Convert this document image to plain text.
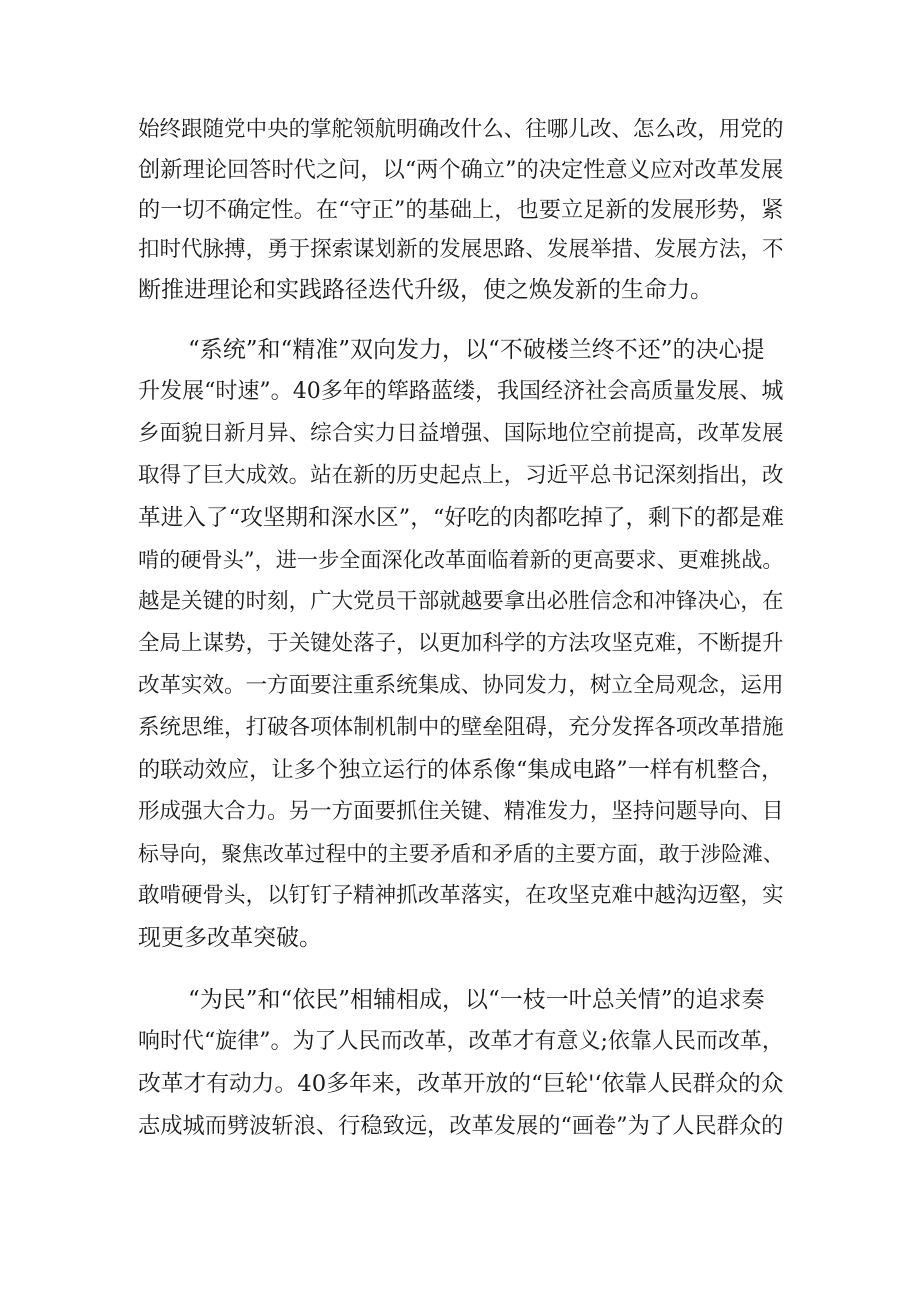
始终跟随党中央的掌舵领航明确改什么、往哪儿改、怎么改，用党的
创新理论回答时代之问，以“两个确立”的决定性意义应对改革发展
的一切不确定性。在“守正”的基础上，也要立足新的发展形势，紧
扣时代脉搏，勇于探索谋划新的发展思路、发展举措、发展方法，不
断推进理论和实践路径迭代升级，使之焕发新的生命力。
“系统”和“精准”双向发力，以“不破楼兰终不还”的决心提
升发展“时速”。40多年的筚路蓝缕，我国经济社会高质量发展、城
乡面貌日新月异、综合实力日益增强、国际地位空前提高，改革发展
取得了巨大成效。站在新的历史起点上，习近平总书记深刻指出，改
革进入了“攻坚期和深水区”，“好吃的肉都吃掉了，剩下的都是难
啃的硬骨头”，进一步全面深化改革面临着新的更高要求、更难挑战。
越是关键的时刻，广大党员干部就越要拿出必胜信念和冲锋决心，在
全局上谋势，于关键处落子，以更加科学的方法攻坚克难，不断提升
改革实效。一方面要注重系统集成、协同发力，树立全局观念，运用
系统思维，打破各项体制机制中的壁垒阻碍，充分发挥各项改革措施
的联动效应，让多个独立运行的体系像“集成电路”一样有机整合，
形成强大合力。另一方面要抓住关键、精准发力，坚持问题导向、目
标导向，聚焦改革过程中的主要矛盾和矛盾的主要方面，敢于涉险滩、
敢啃硬骨头，以钉钉子精神抓改革落实，在攻坚克难中越沟迈壑，实
现更多改革突破。
“为民”和“依民”相辅相成，以“一枝一叶总关情”的追求奏
响时代“旋律”。为了人民而改革，改革才有意义;依靠人民而改革，
改革才有动力。40多年来，改革开放的“巨轮'‘依靠人民群众的众
志成城而劈波斩浪、行稳致远，改革发展的“画卷”为了人民群众的
